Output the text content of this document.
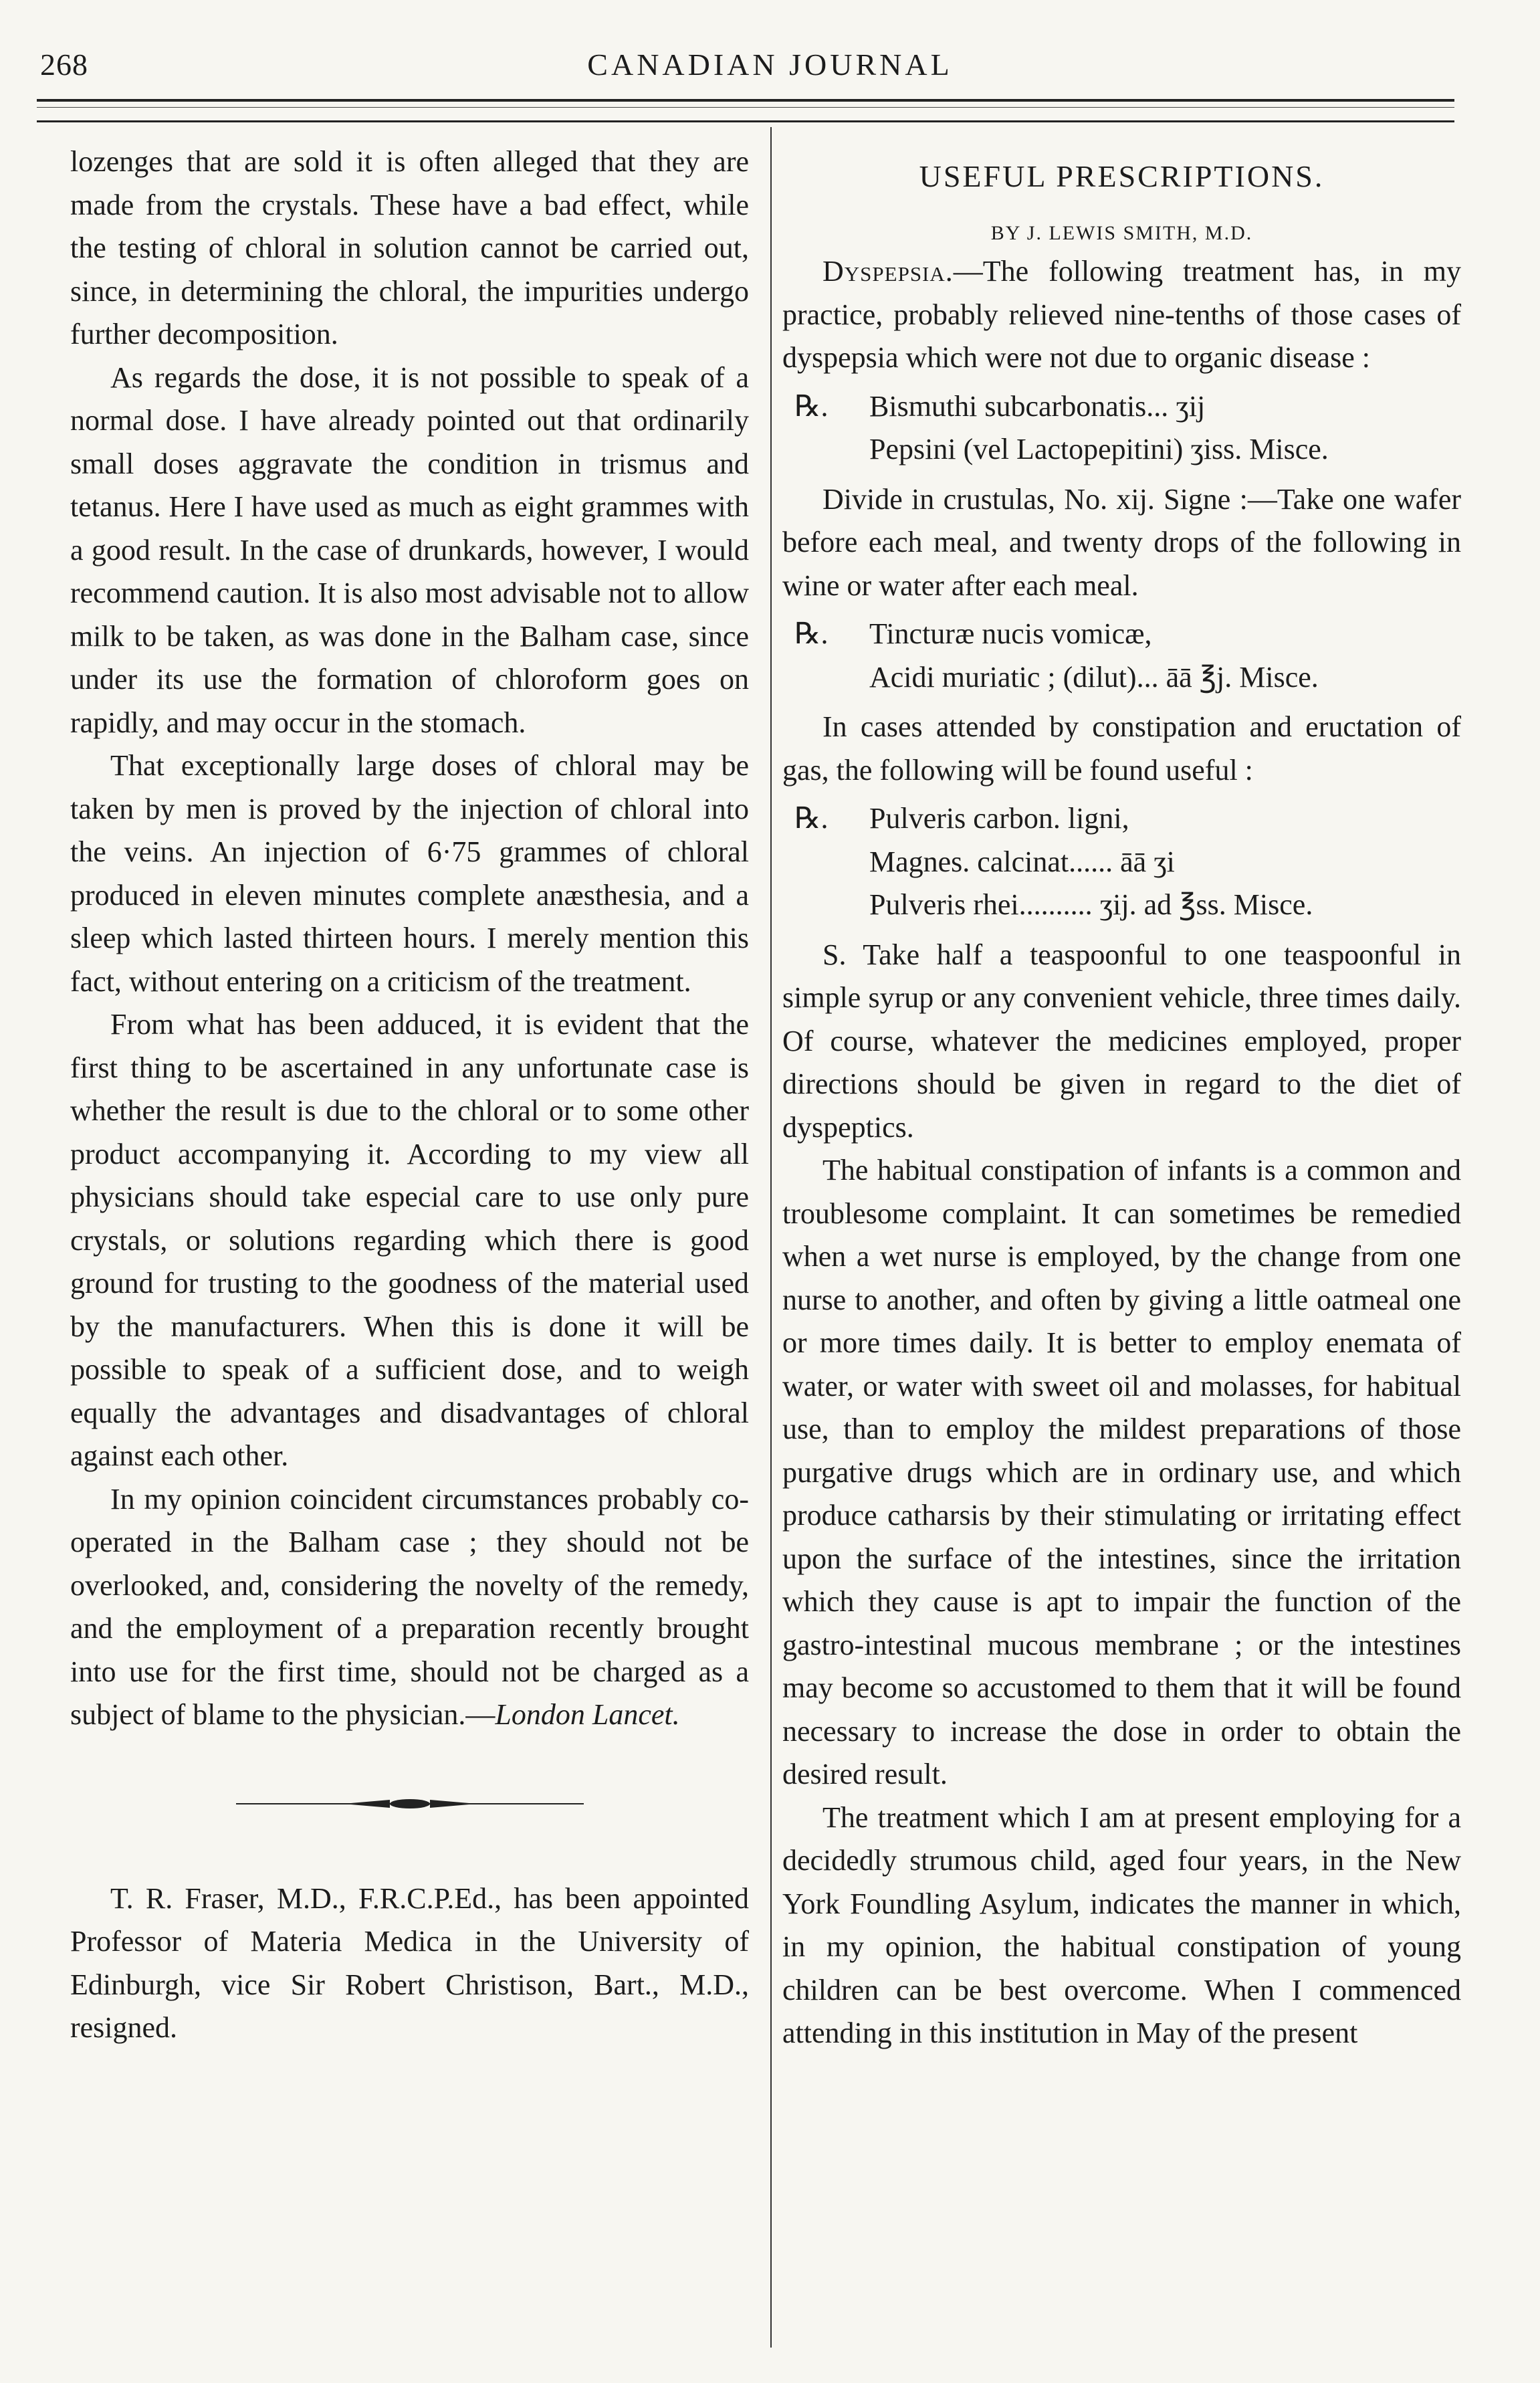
268	CANADIAN JOURNAL

lozenges that are sold it is often alleged that they are made from the crystals. These have a bad effect, while the testing of chloral in solution cannot be carried out, since, in determining the chloral, the impurities undergo further decomposition.

As regards the dose, it is not possible to speak of a normal dose. I have already pointed out that ordinarily small doses aggravate the condition in trismus and tetanus. Here I have used as much as eight grammes with a good result. In the case of drunkards, however, I would recommend caution. It is also most advisable not to allow milk to be taken, as was done in the Balham case, since under its use the formation of chloroform goes on rapidly, and may occur in the stomach.

That exceptionally large doses of chloral may be taken by men is proved by the injection of chloral into the veins. An injection of 6·75 grammes of chloral produced in eleven minutes complete anæsthesia, and a sleep which lasted thirteen hours. I merely mention this fact, without entering on a criticism of the treatment.

From what has been adduced, it is evident that the first thing to be ascertained in any unfortunate case is whether the result is due to the chloral or to some other product accompanying it. According to my view all physicians should take especial care to use only pure crystals, or solutions regarding which there is good ground for trusting to the goodness of the material used by the manufacturers. When this is done it will be possible to speak of a sufficient dose, and to weigh equally the advantages and disadvantages of chloral against each other.

In my opinion coincident circumstances probably co-operated in the Balham case ; they should not be overlooked, and, considering the novelty of the remedy, and the employment of a preparation recently brought into use for the first time, should not be charged as a subject of blame to the physician.—London Lancet.

T. R. Fraser, M.D., F.R.C.P.Ed., has been appointed Professor of Materia Medica in the University of Edinburgh, vice Sir Robert Christison, Bart., M.D., resigned.

USEFUL PRESCRIPTIONS.
BY J. LEWIS SMITH, M.D.

Dyspepsia.—The following treatment has, in my practice, probably relieved nine-tenths of those cases of dyspepsia which were not due to organic disease :

℞. Bismuthi subcarbonatis... ʒij
Pepsini (vel Lactopepitini) ʒiss. Misce.

Divide in crustulas, No. xij. Signe :—Take one wafer before each meal, and twenty drops of the following in wine or water after each meal.

℞. Tincturæ nucis vomicæ,
Acidi muriatic ; (dilut)... āā ℥j. Misce.

In cases attended by constipation and eructation of gas, the following will be found useful :

℞. Pulveris carbon. ligni,
Magnes. calcinat...... āā ʒi
Pulveris rhei.......... ʒij. ad ℥ss. Misce.

S. Take half a teaspoonful to one teaspoonful in simple syrup or any convenient vehicle, three times daily. Of course, whatever the medicines employed, proper directions should be given in regard to the diet of dyspeptics.

The habitual constipation of infants is a common and troublesome complaint. It can sometimes be remedied when a wet nurse is employed, by the change from one nurse to another, and often by giving a little oatmeal one or more times daily. It is better to employ enemata of water, or water with sweet oil and molasses, for habitual use, than to employ the mildest preparations of those purgative drugs which are in ordinary use, and which produce catharsis by their stimulating or irritating effect upon the surface of the intestines, since the irritation which they cause is apt to impair the function of the gastro-intestinal mucous membrane ; or the intestines may become so accustomed to them that it will be found necessary to increase the dose in order to obtain the desired result.

The treatment which I am at present employing for a decidedly strumous child, aged four years, in the New York Foundling Asylum, indicates the manner in which, in my opinion, the habitual constipation of young children can be best overcome. When I commenced attending in this institution in May of the present
